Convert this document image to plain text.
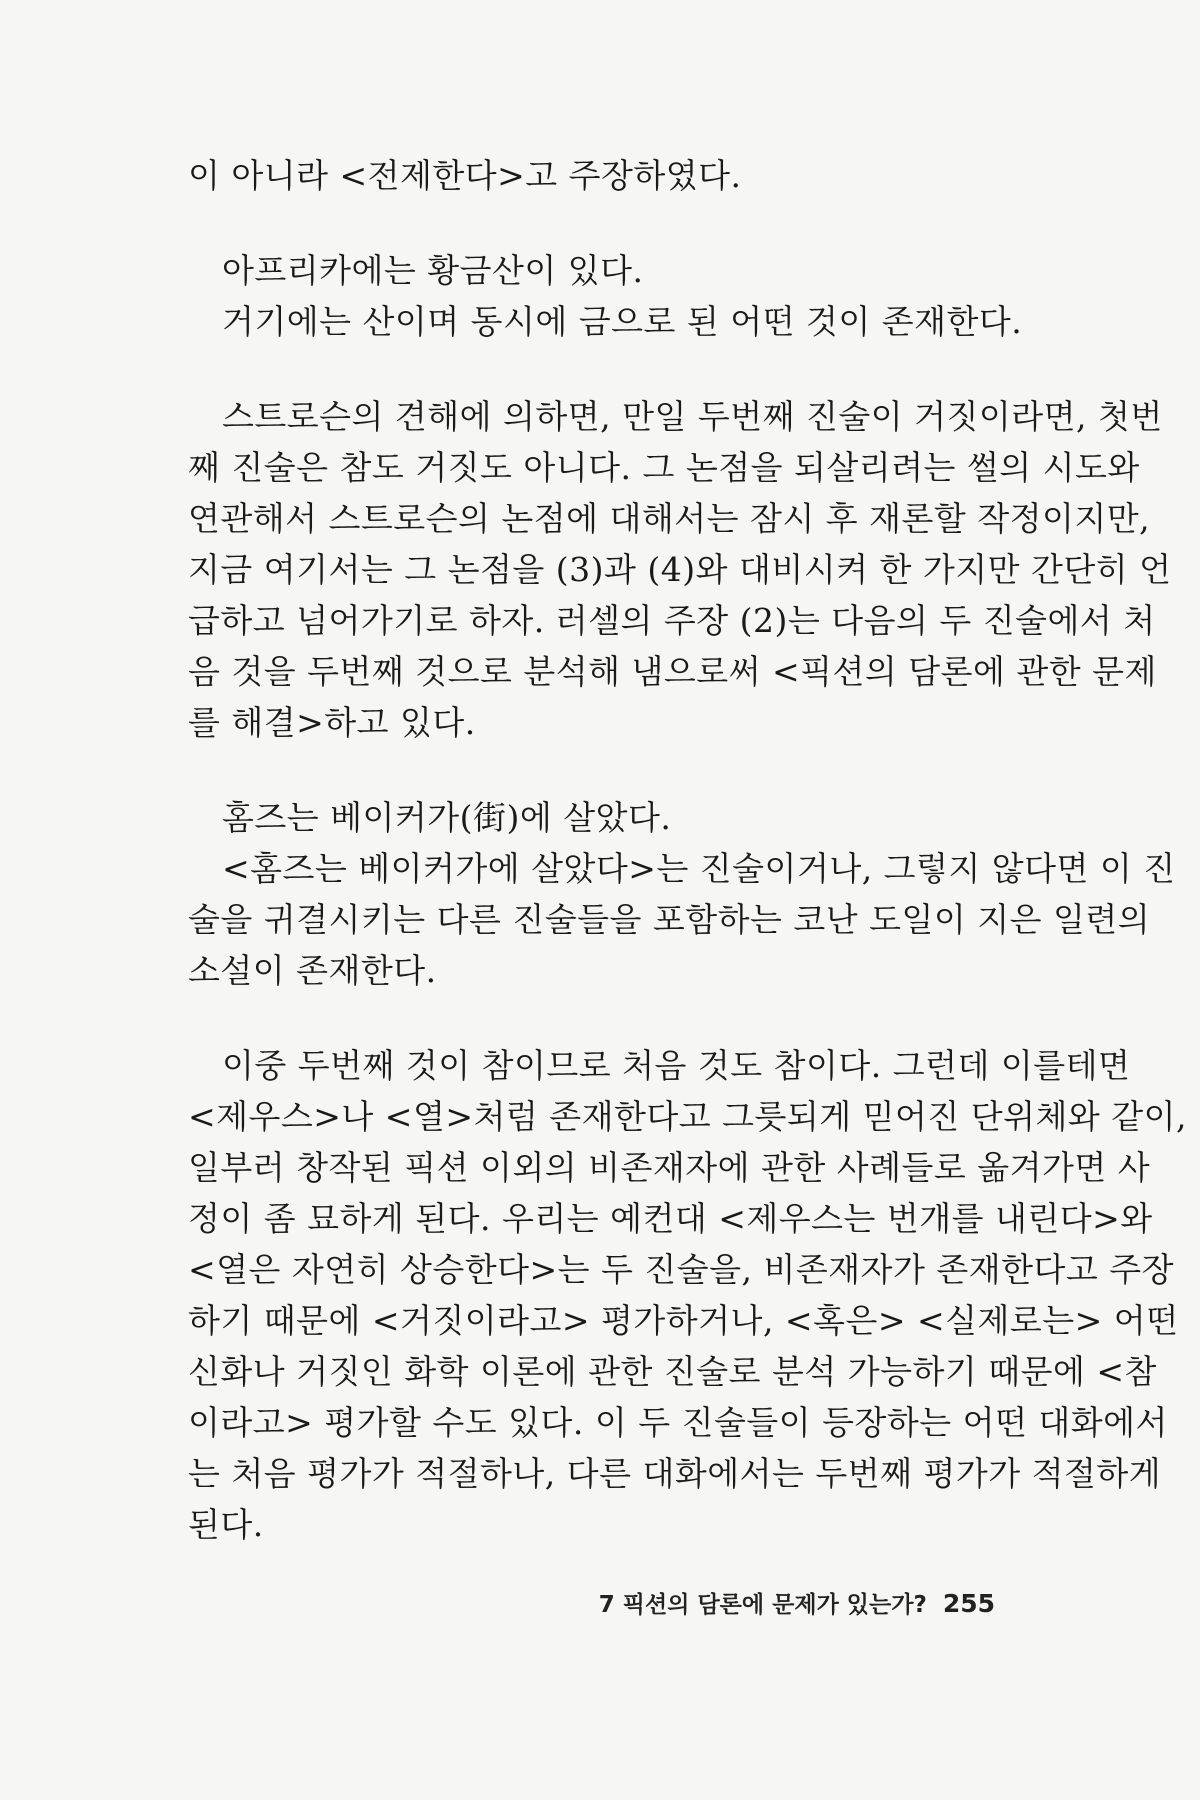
이 아니라 <전제한다>고 주장하였다.
아프리카에는 황금산이 있다.
거기에는 산이며 동시에 금으로 된 어떤 것이 존재한다.
스트로슨의 견해에 의하면, 만일 두번째 진술이 거짓이라면, 첫번
째 진술은 참도 거짓도 아니다. 그 논점을 되살리려는 썰의 시도와
연관해서 스트로슨의 논점에 대해서는 잠시 후 재론할 작정이지만,
지금 여기서는 그 논점을 (3)과 (4)와 대비시켜 한 가지만 간단히 언
급하고 넘어가기로 하자. 러셀의 주장 (2)는 다음의 두 진술에서 처
음 것을 두번째 것으로 분석해 냄으로써 <픽션의 담론에 관한 문제
를 해결>하고 있다.
홈즈는 베이커가(街)에 살았다.
<홈즈는 베이커가에 살았다>는 진술이거나, 그렇지 않다면 이 진
술을 귀결시키는 다른 진술들을 포함하는 코난 도일이 지은 일련의
소설이 존재한다.
이중 두번째 것이 참이므로 처음 것도 참이다. 그런데 이를테면
<제우스>나 <열>처럼 존재한다고 그릇되게 믿어진 단위체와 같이,
일부러 창작된 픽션 이외의 비존재자에 관한 사례들로 옮겨가면 사
정이 좀 묘하게 된다. 우리는 예컨대 <제우스는 번개를 내린다>와
<열은 자연히 상승한다>는 두 진술을, 비존재자가 존재한다고 주장
하기 때문에 <거짓이라고> 평가하거나, <혹은> <실제로는> 어떤
신화나 거짓인 화학 이론에 관한 진술로 분석 가능하기 때문에 <참
이라고> 평가할 수도 있다. 이 두 진술들이 등장하는 어떤 대화에서
는 처음 평가가 적절하나, 다른 대화에서는 두번째 평가가 적절하게
된다.
7 픽션의 담론에 문제가 있는가? 255
